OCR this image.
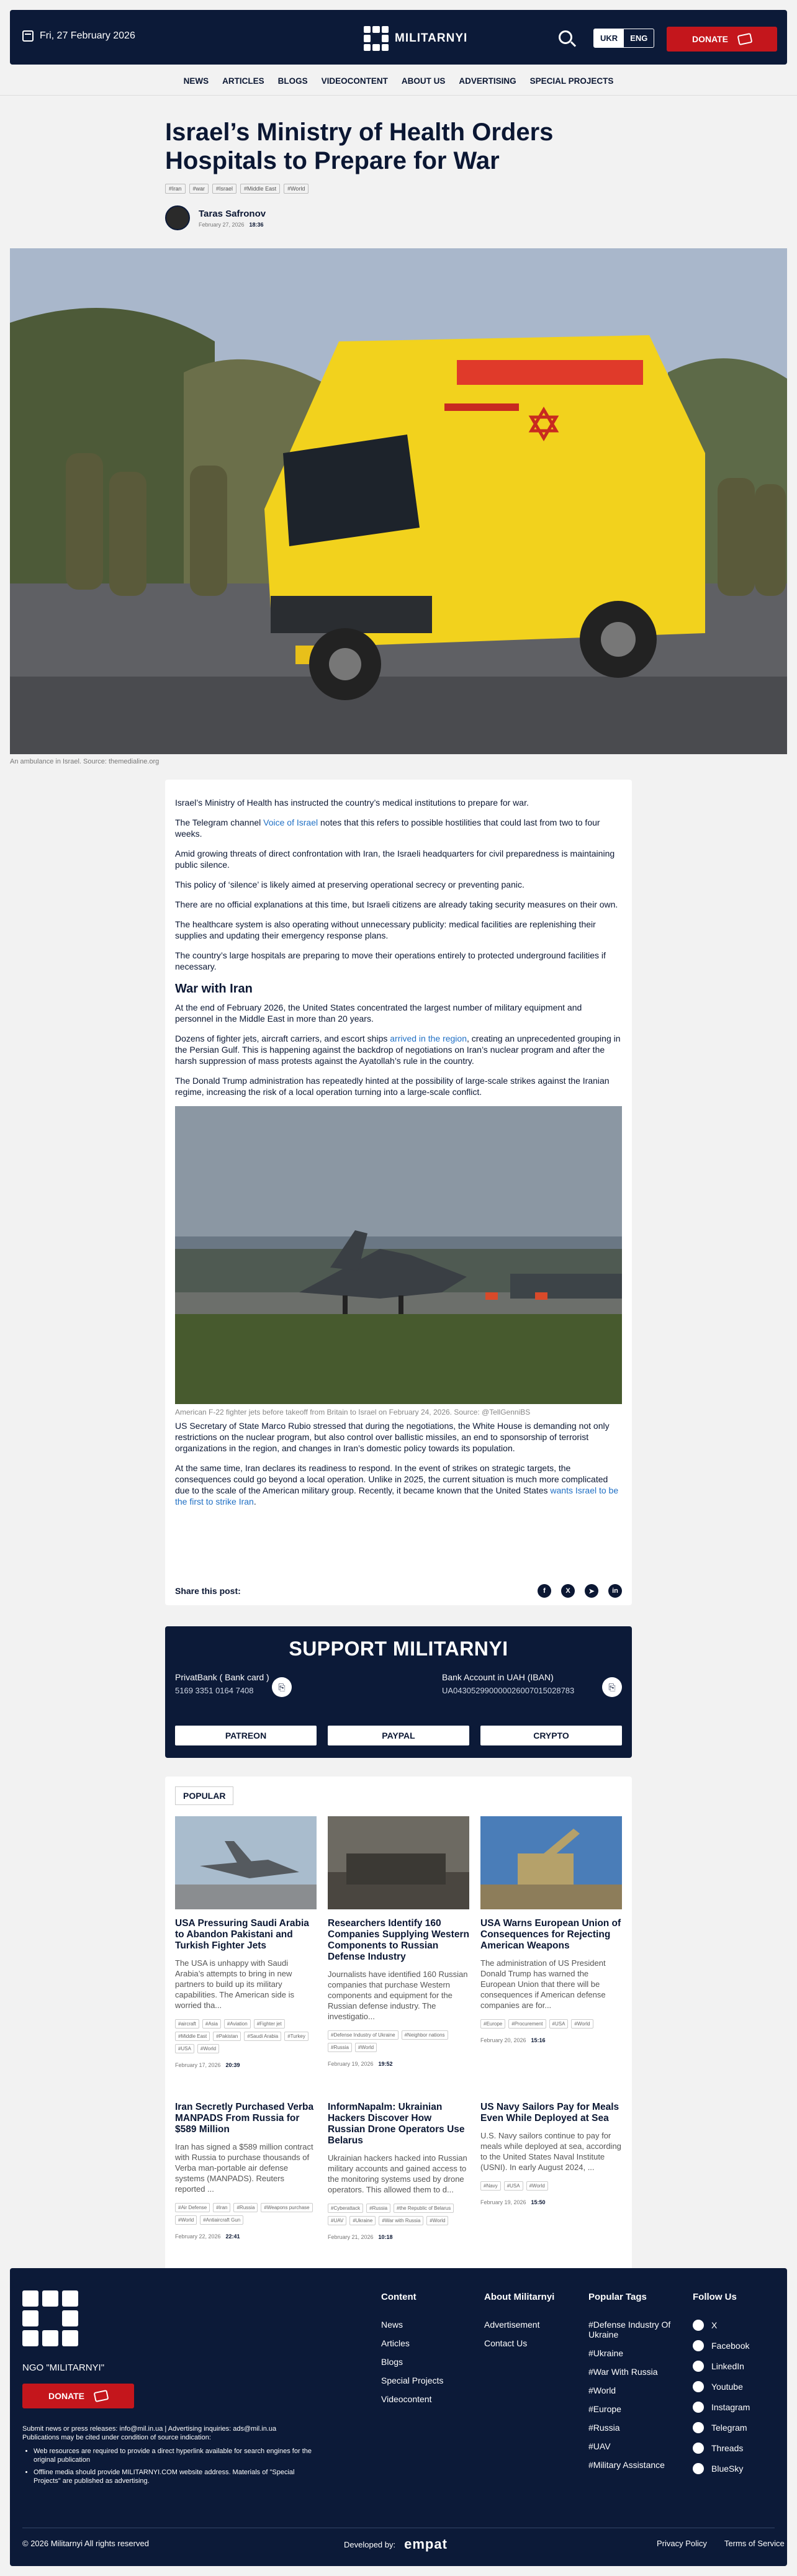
Fri, 27 February 2026	MILITARNYI	UKR	ENG	DONATE
NEWS	ARTICLES	BLOGS	VIDEOCONTENT	ABOUT US	ADVERTISING	SPECIAL PROJECTS
Israel’s Ministry of Health Orders Hospitals to Prepare for War
#Iran	#war	#Israel	#Middle East	#World
Taras Safronov
February 27, 2026 18:36
An ambulance in Israel. Source: themedialine.org

Israel’s Ministry of Health has instructed the country’s medical institutions to prepare for war.

The Telegram channel Voice of Israel notes that this refers to possible hostilities that could last from two to four weeks.

Amid growing threats of direct confrontation with Iran, the Israeli headquarters for civil preparedness is maintaining public silence.

This policy of ‘silence’ is likely aimed at preserving operational secrecy or preventing panic.

There are no official explanations at this time, but Israeli citizens are already taking security measures on their own.

The healthcare system is also operating without unnecessary publicity: medical facilities are replenishing their supplies and updating their emergency response plans.

The country’s large hospitals are preparing to move their operations entirely to protected underground facilities if necessary.

War with Iran

At the end of February 2026, the United States concentrated the largest number of military equipment and personnel in the Middle East in more than 20 years.

Dozens of fighter jets, aircraft carriers, and escort ships arrived in the region, creating an unprecedented grouping in the Persian Gulf. This is happening against the backdrop of negotiations on Iran’s nuclear program and after the harsh suppression of mass protests against the Ayatollah’s rule in the country.

The Donald Trump administration has repeatedly hinted at the possibility of large-scale strikes against the Iranian regime, increasing the risk of a local operation turning into a large-scale conflict.

American F-22 fighter jets before takeoff from Britain to Israel on February 24, 2026. Source: @TellGenniBS

US Secretary of State Marco Rubio stressed that during the negotiations, the White House is demanding not only restrictions on the nuclear program, but also control over ballistic missiles, an end to sponsorship of terrorist organizations in the region, and changes in Iran’s domestic policy towards its population.

At the same time, Iran declares its readiness to respond. In the event of strikes on strategic targets, the consequences could go beyond a local operation. Unlike in 2025, the current situation is much more complicated due to the scale of the American military group. Recently, it became known that the United States wants Israel to be the first to strike Iran.

Share this post:	f	X	➤	in
SUPPORT MILITARNYI
PrivatBank ( Bank card )
5169 3351 0164 7408	⎘
Bank Account in UAH (IBAN)
UA043052990000026007015028783	⎘
PATREON	PAYPAL	CRYPTO
POPULAR
USA Pressuring Saudi Arabia to Abandon Pakistani and Turkish Fighter Jets

The USA is unhappy with Saudi Arabia’s attempts to bring in new partners to build up its military capabilities. The American side is worried tha...

#aircraft	#Asia	#Aviation	#Fighter jet
#Middle East	#Pakistan	#Saudi Arabia	#Turkey
#USA	#World
February 17, 2026 20:39
Researchers Identify 160 Companies Supplying Western Components to Russian Defense Industry

Journalists have identified 160 Russian companies that purchase Western components and equipment for the Russian defense industry. The investigatio...

#Defense Industry of Ukraine	#Neighbor nations
#Russia	#World
February 19, 2026 19:52
USA Warns European Union of Consequences for Rejecting American Weapons

The administration of US President Donald Trump has warned the European Union that there will be consequences if American defense companies are for...

#Europe	#Procurement	#USA	#World
February 20, 2026 15:16
Iran Secretly Purchased Verba MANPADS From Russia for $589 Million

Iran has signed a $589 million contract with Russia to purchase thousands of Verba man-portable air defense systems (MANPADS). Reuters reported ...

#Air Defense	#Iran	#Russia	#Weapons purchase
#World	#Antiaircraft Gun
February 22, 2026 22:41
InformNapalm: Ukrainian Hackers Discover How Russian Drone Operators Use Belarus

Ukrainian hackers hacked into Russian military accounts and gained access to the monitoring systems used by drone operators. This allowed them to d...

#Cyberattack	#Russia	#the Republic of Belarus
#UAV	#Ukraine	#War with Russia	#World
February 21, 2026 10:18
US Navy Sailors Pay for Meals Even While Deployed at Sea

U.S. Navy sailors continue to pay for meals while deployed at sea, according to the United States Naval Institute (USNI). In early August 2024, ...

#Navy	#USA	#World
February 19, 2026 15:50
NGO "MILITARNYI"
DONATE
Submit news or press releases: info@mil.in.ua | Advertising inquiries: ads@mil.in.ua
Publications may be cited under condition of source indication:
• Web resources are required to provide a direct hyperlink available for search engines for the original publication
• Offline media should provide MILITARNYI.COM website address. Materials of "Special Projects" are published as advertising.
Content
News
Articles
Blogs
Special Projects
Videocontent
About Militarnyi
Advertisement
Contact Us
Popular Tags
#Defense Industry Of Ukraine
#Ukraine
#War With Russia
#World
#Europe
#Russia
#UAV
#Military Assistance
Follow Us
X
Facebook
LinkedIn
Youtube
Instagram
Telegram
Threads
BlueSky
© 2026 Militarnyi All rights reserved	Developed by: empat	Privacy Policy Terms of Service
